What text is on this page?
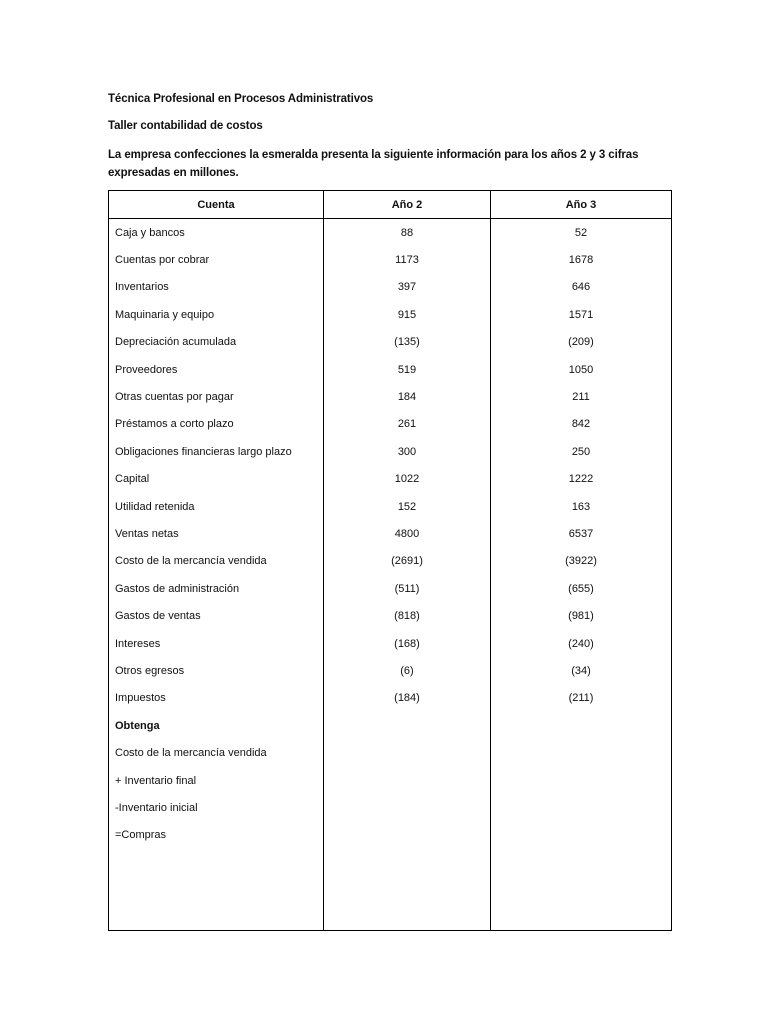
Técnica Profesional en Procesos Administrativos
Taller contabilidad de costos
La empresa confecciones la esmeralda presenta la siguiente información para los años 2 y 3 cifras expresadas en millones.
Cuenta	Año 2	Año 3
Caja y bancos	88	52
Cuentas por cobrar	1173	1678
Inventarios	397	646
Maquinaria y equipo	915	1571
Depreciación acumulada	(135)	(209)
Proveedores	519	1050
Otras cuentas por pagar	184	211
Préstamos a corto plazo	261	842
Obligaciones financieras largo plazo	300	250
Capital	1022	1222
Utilidad retenida	152	163
Ventas netas	4800	6537
Costo de la mercancía vendida	(2691)	(3922)
Gastos de administración	(511)	(655)
Gastos de ventas	(818)	(981)
Intereses	(168)	(240)
Otros egresos	(6)	(34)
Impuestos	(184)	(211)
Obtenga		
Costo de la mercancía vendida		
+ Inventario final		
-Inventario inicial		
=Compras		
